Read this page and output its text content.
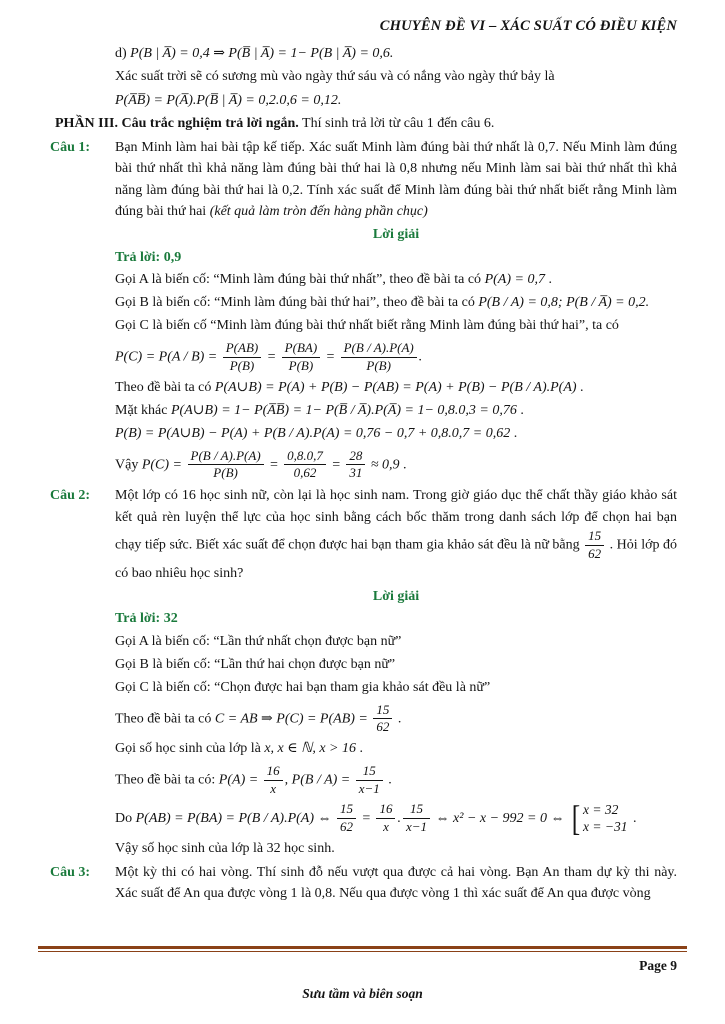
CHUYÊN ĐỀ VI – XÁC SUẤT CÓ ĐIỀU KIỆN
d) P(B | A̅) = 0,4 ⇒ P(B̅ | A̅) = 1− P(B | A̅) = 0,6.
Xác suất trời sẽ có sương mù vào ngày thứ sáu và có nắng vào ngày thứ bảy là
P(A̅B̅) = P(A̅).P(B̅ | A̅) = 0,2.0,6 = 0,12.
PHẦN III. Câu trắc nghiệm trả lời ngắn. Thí sinh trả lời từ câu 1 đến câu 6.
Câu 1: Bạn Minh làm hai bài tập kế tiếp. Xác suất Minh làm đúng bài thứ nhất là 0,7. Nếu Minh làm đúng bài thứ nhất thì khả năng làm đúng bài thứ hai là 0,8 nhưng nếu Minh làm sai bài thứ nhất thì khả năng làm đúng bài thứ hai là 0,2. Tính xác suất để Minh làm đúng bài thứ nhất biết rằng Minh làm đúng bài thứ hai (kết quả làm tròn đến hàng phần chục)
Lời giải
Trả lời: 0,9
Gọi A là biến cố: “Minh làm đúng bài thứ nhất”, theo đề bài ta có P(A) = 0,7 .
Gọi B là biến cố: “Minh làm đúng bài thứ hai”, theo đề bài ta có P(B / A) = 0,8; P(B / A̅) = 0,2.
Gọi C là biến cố “Minh làm đúng bài thứ nhất biết rằng Minh làm đúng bài thứ hai”, ta có
$P(C) = P(A / B) = \frac{P(AB)}{P(B)} = \frac{P(BA)}{P(B)} = \frac{P(B / A).P(A)}{P(B)}$ .
Theo đề bài ta có P(A∪B) = P(A) + P(B) − P(AB) = P(A) + P(B) − P(B / A).P(A) .
Mặt khác P(A∪B) = 1− P(A̅B̅) = 1− P(B̅ / A̅).P(A̅) = 1− 0,8.0,3 = 0,76 .
P(B) = P(A∪B) − P(A) + P(B / A).P(A) = 0,76 − 0,7 + 0,8.0,7 = 0,62 .
Vậy $P(C) = \frac{P(B / A).P(A)}{P(B)} = \frac{0,8.0,7}{0,62} = \frac{28}{31} \approx 0,9$ .
Câu 2: Một lớp có 16 học sinh nữ, còn lại là học sinh nam. Trong giờ giáo dục thể chất thầy giáo khảo sát kết quả rèn luyện thể lực của học sinh bằng cách bốc thăm trong danh sách lớp để chọn hai bạn chạy tiếp sức. Biết xác suất để chọn được hai bạn tham gia khảo sát đều là nữ bằng $\frac{15}{62}$ . Hỏi lớp đó có bao nhiêu học sinh?
Lời giải
Trả lời: 32
Gọi A là biến cố: “Lần thứ nhất chọn được bạn nữ”
Gọi B là biến cố: “Lần thứ hai chọn được bạn nữ”
Gọi C là biến cố: “Chọn được hai bạn tham gia khảo sát đều là nữ”
Theo đề bài ta có C = AB ⇒ $P(C) = P(AB) = \frac{15}{62}$ .
Gọi số học sinh của lớp là x, x ∈ ℕ, x > 16 .
Theo đề bài ta có: $P(A) = \frac{16}{x}$ , $P(B / A) = \frac{15}{x-1}$ .
Do P(AB) = P(BA) = P(B / A).P(A) ⇔ $\frac{15}{62} = \frac{16}{x}$ . $\frac{15}{x-1}$ ⇔ x² − x − 992 = 0 ⇔ [ x = 32
x = −31
.
Vậy số học sinh của lớp là 32 học sinh.
Câu 3: Một kỳ thi có hai vòng. Thí sinh đỗ nếu vượt qua được cả hai vòng. Bạn An tham dự kỳ thi này. Xác suất để An qua được vòng 1 là 0,8. Nếu qua được vòng 1 thì xác suất để An qua được vòng
Page 9
Sưu tầm và biên soạn
